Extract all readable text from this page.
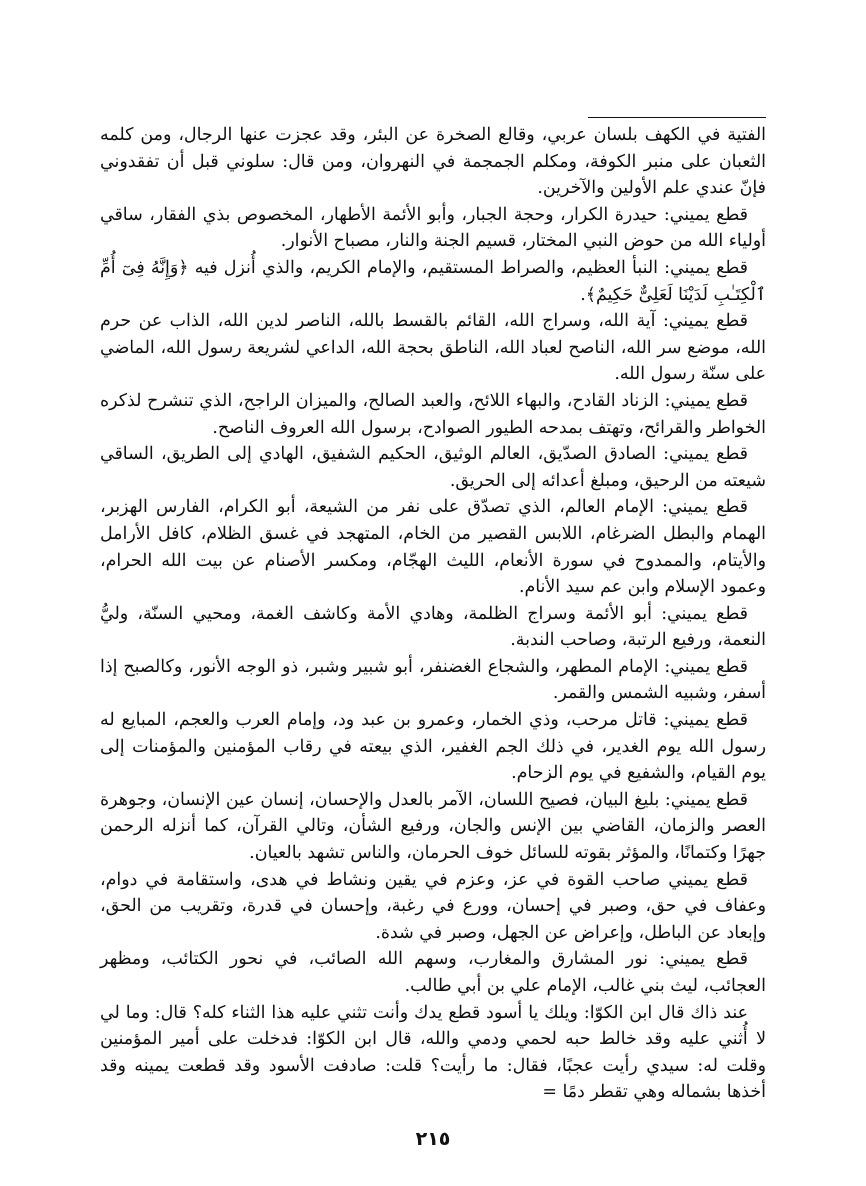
الفتية في الكهف بلسان عربي، وقالع الصخرة عن البئر، وقد عجزت عنها الرجال، ومن كلمه الثعبان على منبر الكوفة، ومكلم الجمجمة في النهروان، ومن قال: سلوني قبل أن تفقدوني فإنّ عندي علم الأولين والآخرين.

قطع يميني: حيدرة الكرار، وحجة الجبار، وأبو الأئمة الأطهار، المخصوص بذي الفقار، ساقي أولياء الله من حوض النبي المختار، قسيم الجنة والنار، مصباح الأنوار.

قطع يميني: النبأ العظيم، والصراط المستقيم، والإمام الكريم، والذي أُنزل فيه ﴿وَإِنَّهُ فِىٓ أُمِّ ٱلْكِتَـٰبِ لَدَيْنَا لَعَلِىٌّ حَكِيمٌ﴾.

قطع يميني: آية الله، وسراج الله، القائم بالقسط بالله، الناصر لدين الله، الذاب عن حرم الله، موضع سر الله، الناصح لعباد الله، الناطق بحجة الله، الداعي لشريعة رسول الله، الماضي على سنّة رسول الله.

قطع يميني: الزناد القادح، والبهاء اللائح، والعبد الصالح، والميزان الراجح، الذي تنشرح لذكره الخواطر والقرائح، وتهتف بمدحه الطيور الصوادح، برسول الله العروف الناصح.

قطع يميني: الصادق الصدّيق، العالم الوثيق، الحكيم الشفيق، الهادي إلى الطريق، الساقي شيعته من الرحيق، ومبلغ أعدائه إلى الحريق.

قطع يميني: الإمام العالم، الذي تصدّق على نفر من الشيعة، أبو الكرام، الفارس الهزبر، الهمام والبطل الضرغام، اللابس القصير من الخام، المتهجد في غسق الظلام، كافل الأرامل والأيتام، والممدوح في سورة الأنعام، الليث الهجّام، ومكسر الأصنام عن بيت الله الحرام، وعمود الإسلام وابن عم سيد الأنام.

قطع يميني: أبو الأئمة وسراج الظلمة، وهادي الأمة وكاشف الغمة، ومحيي السنّة، وليُّ النعمة، ورفيع الرتبة، وصاحب الندبة.

قطع يميني: الإمام المطهر، والشجاع الغضنفر، أبو شبير وشبر، ذو الوجه الأنور، وكالصبح إذا أسفر، وشبيه الشمس والقمر.

قطع يميني: قاتل مرحب، وذي الخمار، وعمرو بن عبد ود، وإمام العرب والعجم، المبايع له رسول الله يوم الغدير، في ذلك الجم الغفير، الذي بيعته في رقاب المؤمنين والمؤمنات إلى يوم القيام، والشفيع في يوم الزحام.

قطع يميني: بليغ البيان، فصيح اللسان، الآمر بالعدل والإحسان، إنسان عين الإنسان، وجوهرة العصر والزمان، القاضي بين الإنس والجان، ورفيع الشأن، وتالي القرآن، كما أنزله الرحمن جهرًا وكتمانًا، والمؤثر بقوته للسائل خوف الحرمان، والناس تشهد بالعيان.

قطع يميني صاحب القوة في عز، وعزم في يقين ونشاط في هدى، واستقامة في دوام، وعفاف في حق، وصبر في إحسان، وورع في رغبة، وإحسان في قدرة، وتقريب من الحق، وإبعاد عن الباطل، وإعراض عن الجهل، وصبر في شدة.

قطع يميني: نور المشارق والمغارب، وسهم الله الصائب، في نحور الكتائب، ومظهر العجائب، ليث بني غالب، الإمام علي بن أبي طالب.

عند ذاك قال ابن الكوّا: ويلك يا أسود قطع يدك وأنت تثني عليه هذا الثناء كله؟ قال: وما لي لا أُثني عليه وقد خالط حبه لحمي ودمي والله، قال ابن الكوّا: فدخلت على أمير المؤمنين وقلت له: سيدي رأيت عجبًا، فقال: ما رأيت؟ قلت: صادفت الأسود وقد قطعت يمينه وقد أخذها بشماله وهي تقطر دمًا =

٢١٥
